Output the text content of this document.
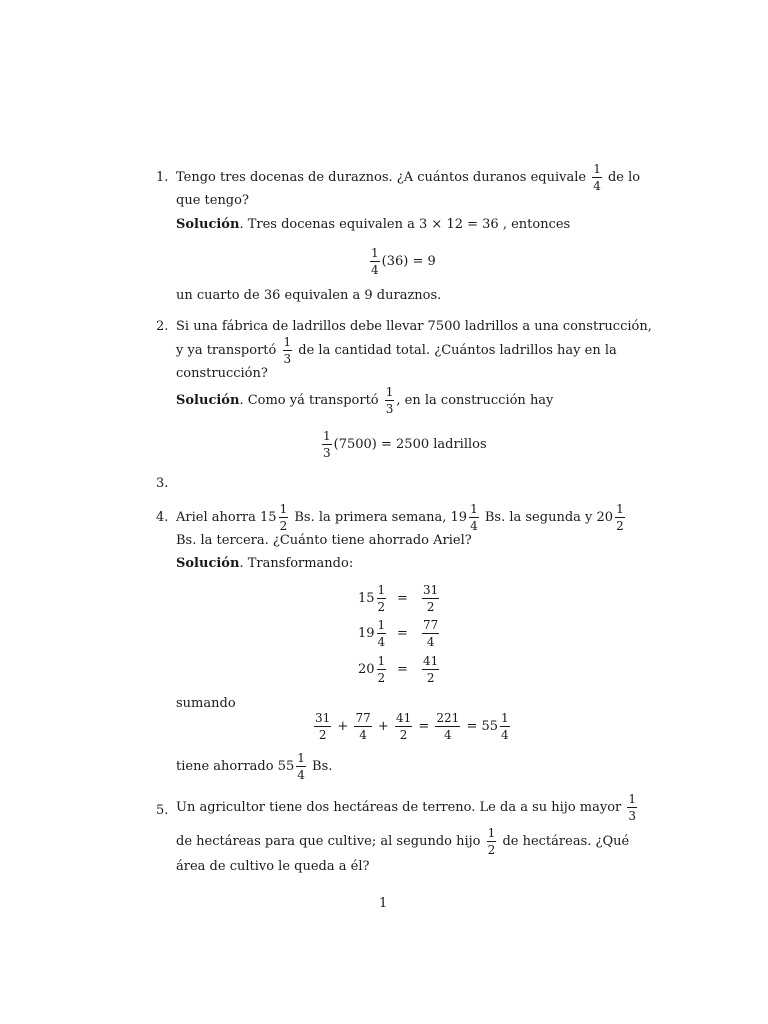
1. Tengo tres docenas de duraznos. ¿A cuántos duranos equivale $\frac{1}{4}$ de lo
que tengo?
Solución. Tres docenas equivalen a 3 × 12 = 36 , entonces
$\frac{1}{4} (36) = 9$
un cuarto de 36 equivalen a 9 duraznos.
2. Si una fábrica de ladrillos debe llevar 7500 ladrillos a una construcción,
y ya transportó $\frac{1}{3}$ de la cantidad total. ¿Cuántos ladrillos hay en la
construcción?
Solución. Como yá transportó $\frac{1}{3}$ , en la construcción hay
$\frac{1}{3} (7500) = 2500$ ladrillos
3.
4. Ariel ahorra $15 \frac{1}{2} Bs$. la primera semana, $19 \frac{1}{4} Bs$. la segunda y $20 \frac{1}{2}$
Bs. la tercera. ¿Cuánto tiene ahorrado Ariel?
Solución. Transformando:
$15 \frac{1}{2} = \frac{31}{2}$
$19 \frac{1}{4} = \frac{77}{4}$
$20 \frac{1}{2} = \frac{41}{2}$
sumando
$\frac{31}{2} + \frac{77}{4} + \frac{41}{2} = \frac{221}{4} = 55 \frac{1}{4}$
tiene ahorrado $55 \frac{1}{4} Bs$.
5. Un agricultor tiene dos hectáreas de terreno. Le da a su hijo mayor $\frac{1}{3}$
de hectáreas para que cultive; al segundo hijo $\frac{1}{2}$ de hectáreas. ¿Qué
área de cultivo le queda a él?
1
